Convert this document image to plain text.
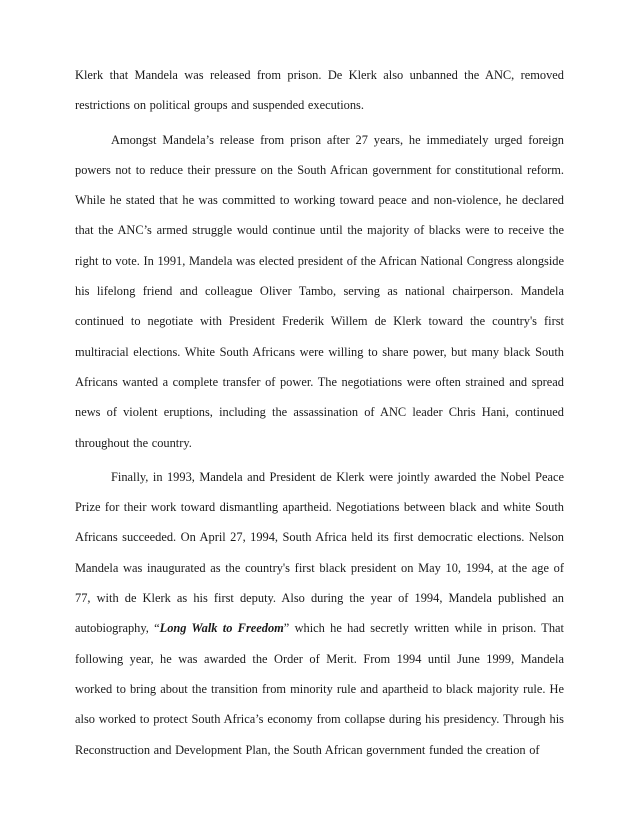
Klerk that Mandela was released from prison. De Klerk also unbanned the ANC, removed restrictions on political groups and suspended executions.

Amongst Mandela’s release from prison after 27 years, he immediately urged foreign powers not to reduce their pressure on the South African government for constitutional reform. While he stated that he was committed to working toward peace and non-violence, he declared that the ANC’s armed struggle would continue until the majority of blacks were to receive the right to vote. In 1991, Mandela was elected president of the African National Congress alongside his lifelong friend and colleague Oliver Tambo, serving as national chairperson. Mandela continued to negotiate with President Frederik Willem de Klerk toward the country's first multiracial elections. White South Africans were willing to share power, but many black South Africans wanted a complete transfer of power. The negotiations were often strained and spread news of violent eruptions, including the assassination of ANC leader Chris Hani, continued throughout the country.

Finally, in 1993, Mandela and President de Klerk were jointly awarded the Nobel Peace Prize for their work toward dismantling apartheid. Negotiations between black and white South Africans succeeded. On April 27, 1994, South Africa held its first democratic elections. Nelson Mandela was inaugurated as the country's first black president on May 10, 1994, at the age of 77, with de Klerk as his first deputy. Also during the year of 1994, Mandela published an autobiography, “Long Walk to Freedom” which he had secretly written while in prison. That following year, he was awarded the Order of Merit. From 1994 until June 1999, Mandela worked to bring about the transition from minority rule and apartheid to black majority rule. He also worked to protect South Africa’s economy from collapse during his presidency. Through his Reconstruction and Development Plan, the South African government funded the creation of
